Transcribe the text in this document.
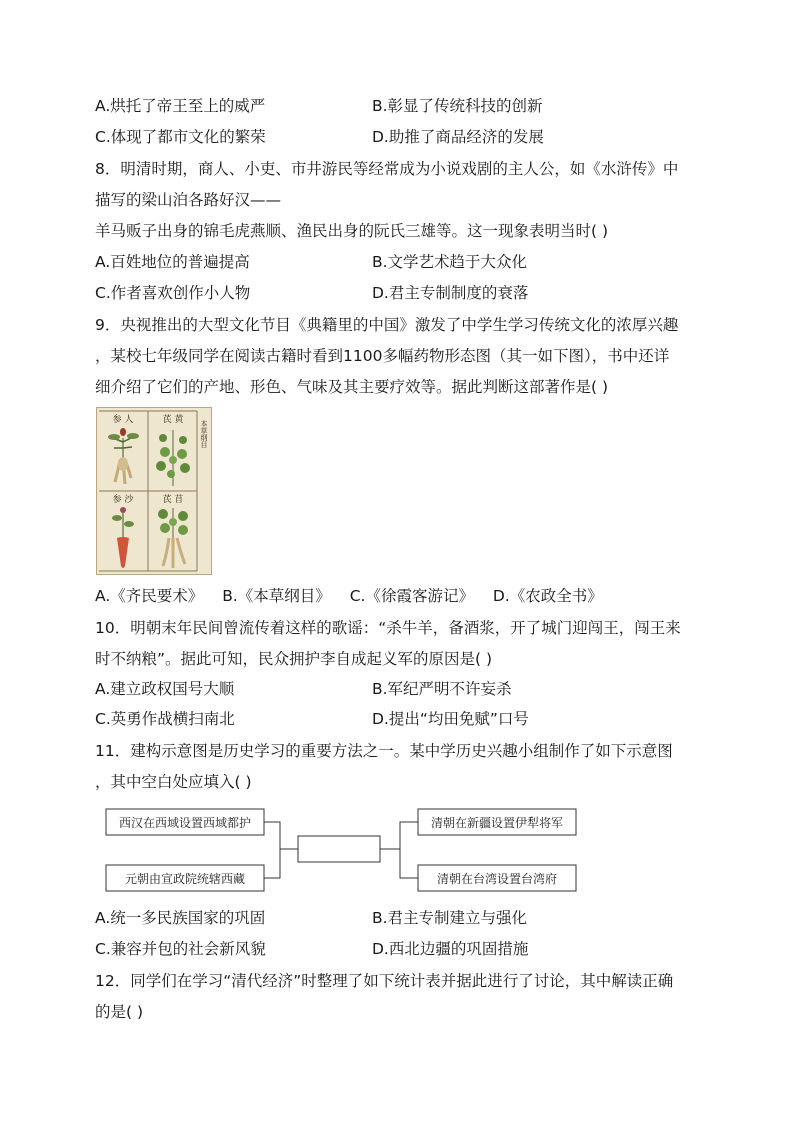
A.烘托了帝王至上的威严	B.彰显了传统科技的创新
C.体现了都市文化的繁荣	D.助推了商品经济的发展
8．明清时期，商人、小吏、市井游民等经常成为小说戏剧的主人公，如《水浒传》中
描写的梁山泊各路好汉——
羊马贩子出身的锦毛虎燕顺、渔民出身的阮氏三雄等。这一现象表明当时( )
A.百姓地位的普遍提高	B.文学艺术趋于大众化
C.作者喜欢创作小人物	D.君主专制制度的衰落
9．央视推出的大型文化节目《典籍里的中国》激发了中学生学习传统文化的浓厚兴趣
，某校七年级同学在阅读古籍时看到1100多幅药物形态图（其一如下图），书中还详
细介绍了它们的产地、形色、气味及其主要疗效等。据此判断这部著作是( )
参 人	芪 黄
参 沙	芪 苜
本草纲目
A.《齐民要术》 B.《本草纲目》 C.《徐霞客游记》 D.《农政全书》
10．明朝末年民间曾流传着这样的歌谣：“杀牛羊，备酒浆，开了城门迎闯王，闯王来
时不纳粮”。据此可知，民众拥护李自成起义军的原因是( )
A.建立政权国号大顺	B.军纪严明不许妄杀
C.英勇作战横扫南北	D.提出“均田免赋”口号
11．建构示意图是历史学习的重要方法之一。某中学历史兴趣小组制作了如下示意图
，其中空白处应填入( )
西汉在西域设置西域都护
元朝由宣政院统辖西藏
清朝在新疆设置伊犁将军
清朝在台湾设置台湾府
A.统一多民族国家的巩固	B.君主专制建立与强化
C.兼容并包的社会新风貌	D.西北边疆的巩固措施
12．同学们在学习“清代经济”时整理了如下统计表并据此进行了讨论，其中解读正确
的是( )
